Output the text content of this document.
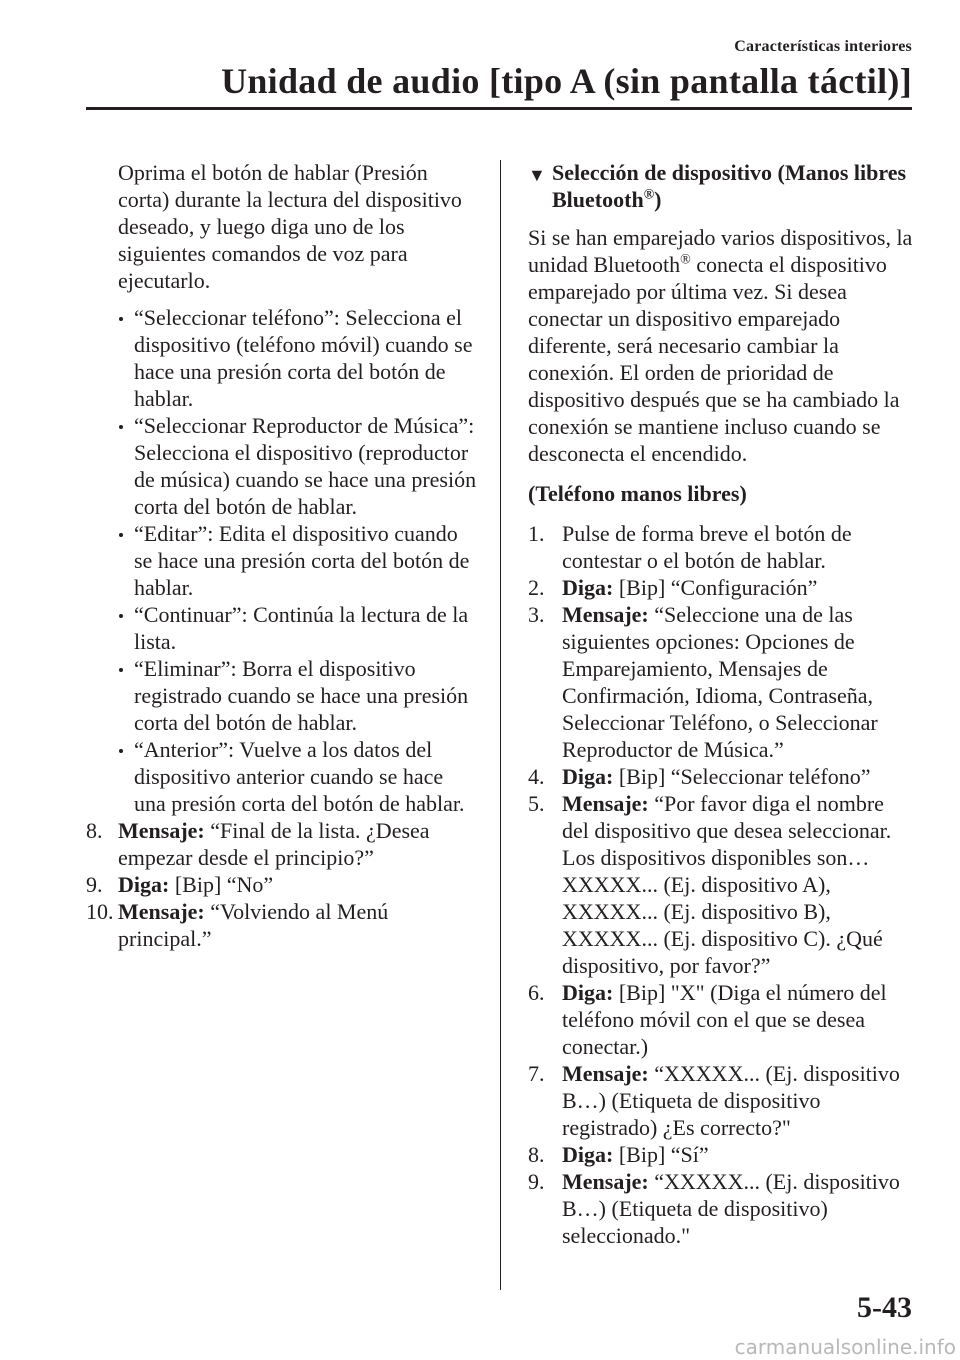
Características interiores
Unidad de audio [tipo A (sin pantalla táctil)]

Oprima el botón de hablar (Presión corta) durante la lectura del dispositivo deseado, y luego diga uno de los siguientes comandos de voz para ejecutarlo.

“Seleccionar teléfono”: Selecciona el dispositivo (teléfono móvil) cuando se hace una presión corta del botón de hablar.
“Seleccionar Reproductor de Música”: Selecciona el dispositivo (reproductor de música) cuando se hace una presión corta del botón de hablar.
“Editar”: Edita el dispositivo cuando se hace una presión corta del botón de hablar.
“Continuar”: Continúa la lectura de la lista.
“Eliminar”: Borra el dispositivo registrado cuando se hace una presión corta del botón de hablar.
“Anterior”: Vuelve a los datos del dispositivo anterior cuando se hace una presión corta del botón de hablar.
8. Mensaje: “Final de la lista. ¿Desea empezar desde el principio?”
9. Diga: [Bip] “No”
10. Mensaje: “Volviendo al Menú principal.”
▼ Selección de dispositivo (Manos libres Bluetooth®)

Si se han emparejado varios dispositivos, la unidad Bluetooth® conecta el dispositivo emparejado por última vez. Si desea conectar un dispositivo emparejado diferente, será necesario cambiar la conexión. El orden de prioridad de dispositivo después que se ha cambiado la conexión se mantiene incluso cuando se desconecta el encendido.

(Teléfono manos libres)

1. Pulse de forma breve el botón de contestar o el botón de hablar.
2. Diga: [Bip] “Configuración”
3. Mensaje: “Seleccione una de las siguientes opciones: Opciones de Emparejamiento, Mensajes de Confirmación, Idioma, Contraseña, Seleccionar Teléfono, o Seleccionar Reproductor de Música.”
4. Diga: [Bip] “Seleccionar teléfono”
5. Mensaje: “Por favor diga el nombre del dispositivo que desea seleccionar. Los dispositivos disponibles son… XXXXX... (Ej. dispositivo A), XXXXX... (Ej. dispositivo B), XXXXX... (Ej. dispositivo C). ¿Qué dispositivo, por favor?”
6. Diga: [Bip] "X" (Diga el número del teléfono móvil con el que se desea conectar.)
7. Mensaje: “XXXXX... (Ej. dispositivo B…) (Etiqueta de dispositivo registrado) ¿Es correcto?"
8. Diga: [Bip] “Sí”
9. Mensaje: “XXXXX... (Ej. dispositivo B…) (Etiqueta de dispositivo) seleccionado."
5-43
carmanualsonline.info
